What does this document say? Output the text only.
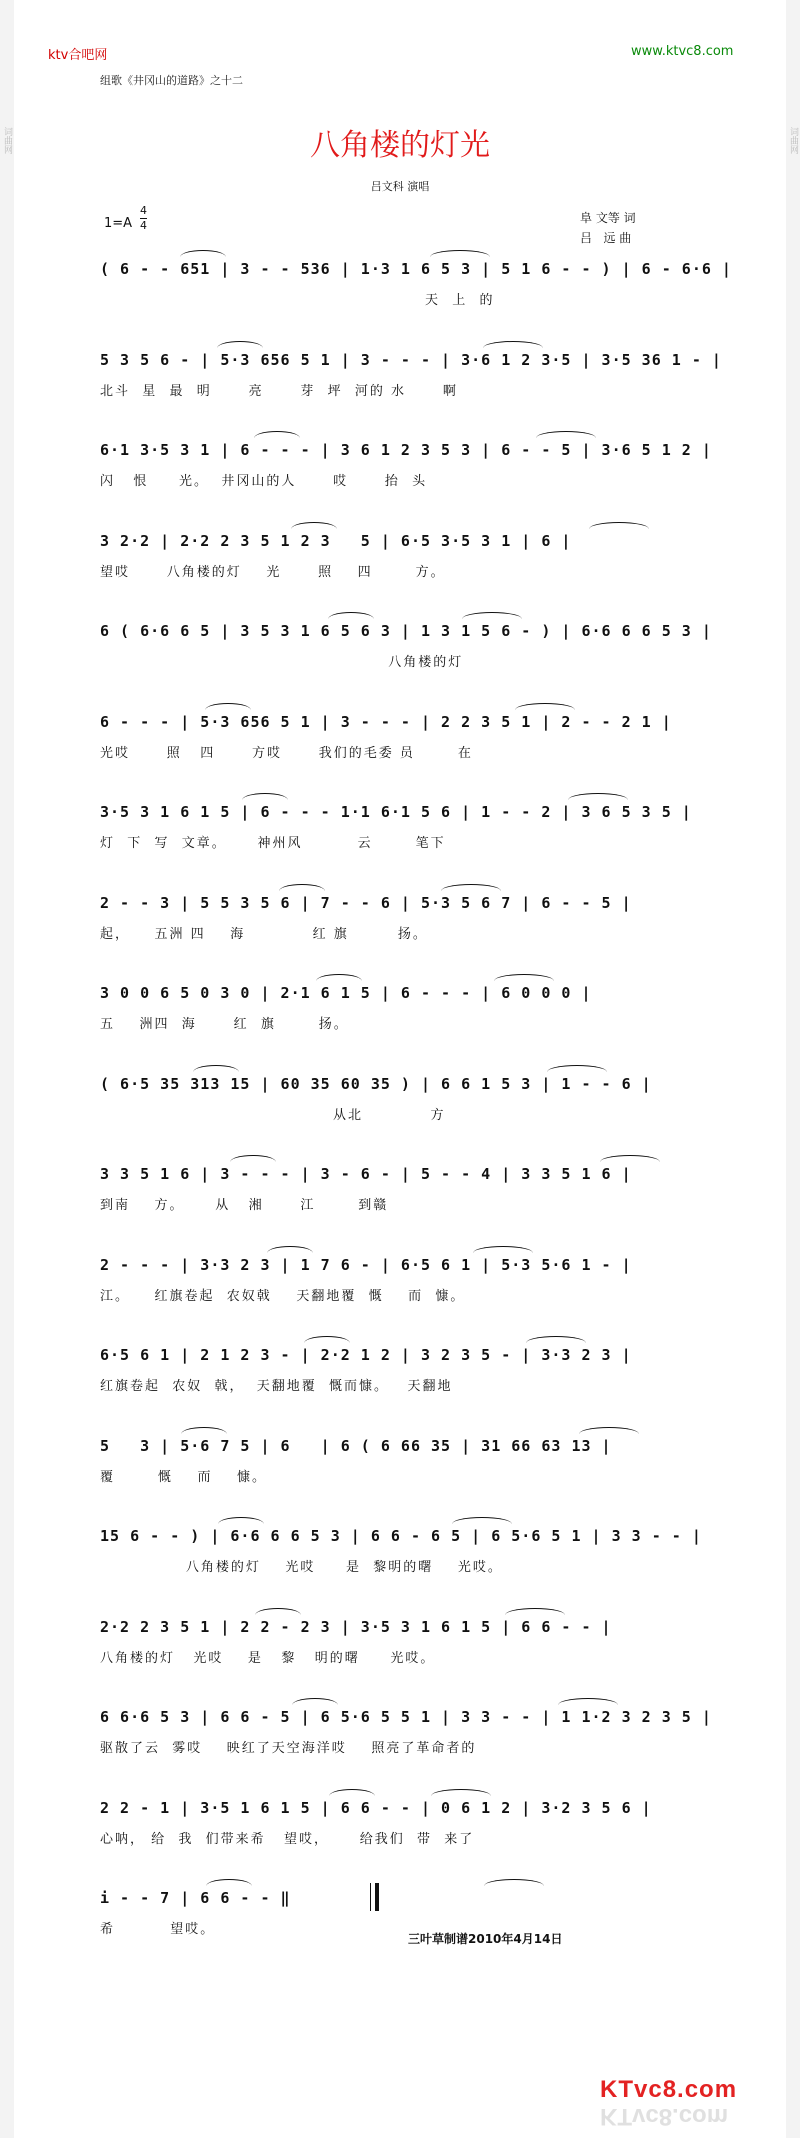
词曲网	词曲网
ktv合吧网	www.ktvc8.com
组歌《井冈山的道路》之十二
八角楼的灯光
吕文科 演唱
1=A
4
4
阜 文等 词
吕   远 曲
( 6 - - 651 | 3 - - 536 | 1·3 1 6 5 3 | 5 1 6 - - ) | 6 - 6·6 |
天  上  的
5 3 5 6 - | 5·3 656 5 1 | 3 - - - | 3·6 1 2 3·5 | 3·5 36 1 - |
北斗  星  最  明      亮      芽  坪  河的 水      啊
6·1 3·5 3 1 | 6 - - - | 3 6 1 2 3 5 3 | 6 - - 5 | 3·6 5 1 2 |
闪   恨     光。  井冈山的人      哎      抬  头
3 2·2 | 2·2 2 3 5 1 2 3   5 | 6·5 3·5 3 1 | 6 |
望哎      八角楼的灯    光      照    四       方。
6 ( 6·6 6 5 | 3 5 3 1 6 5 6 3 | 1 3 1 5 6 - ) | 6·6 6 6 5 3 |
八角楼的灯
6 - - - | 5·3 656 5 1 | 3 - - - | 2 2 3 5 1 | 2 - - 2 1 |
光哎      照   四      方哎      我们的毛委 员       在
3·5 3 1 6 1 5 | 6 - - - 1·1 6·1 5 6 | 1 - - 2 | 3 6 5 3 5 |
灯  下  写  文章。     神州风         云       笔下
2 - - 3 | 5 5 3 5 6 | 7 - - 6 | 5·3 5 6 7 | 6 - - 5 |
起，    五洲 四    海           红 旗        扬。
3 0 0 6 5 0 3 0 | 2·1 6 1 5 | 6 - - - | 6 0 0 0 |
五    洲四  海      红  旗       扬。
( 6·5 35 313 15 | 60 35 60 35 ) | 6 6 1 5 3 | 1 - - 6 |
从北           方
3 3 5 1 6 | 3 - - - | 3 - 6 - | 5 - - 4 | 3 3 5 1 6 |
到南    方。     从   湘      江       到赣
2 - - - | 3·3 2 3 | 1 7 6 - | 6·5 6 1 | 5·3 5·6 1 - |
江。    红旗卷起  农奴戟    天翻地覆  慨    而  慷。
6·5 6 1 | 2 1 2 3 - | 2·2 1 2 | 3 2 3 5 - | 3·3 2 3 |
红旗卷起  农奴  戟，  天翻地覆  慨而慷。   天翻地
5   3 | 5·6 7 5 | 6   | 6 ( 6 66 35 | 31 66 63 13 |
覆       慨    而    慷。
15 6 - - ) | 6·6 6 6 5 3 | 6 6 - 6 5 | 6 5·6 5 1 | 3 3 - - |
八角楼的灯    光哎     是  黎明的曙    光哎。
2·2 2 3 5 1 | 2 2 - 2 3 | 3·5 3 1 6 1 5 | 6 6 - - |
八角楼的灯   光哎    是   黎   明的曙     光哎。
6 6·6 5 3 | 6 6 - 5 | 6 5·6 5 5 1 | 3 3 - - | 1 1·2 3 2 3 5 |
驱散了云  雾哎    映红了天空海洋哎    照亮了革命者的
2 2 - 1 | 3·5 1 6 1 5 | 6 6 - - | 0 6 1 2 | 3·2 3 5 6 |
心呐， 给  我  们带来希   望哎，     给我们  带  来了
i - - 7 | 6 6 - - ‖
希         望哎。
三叶草制谱2010年4月14日
KTvc8.com
KTvc8.com
